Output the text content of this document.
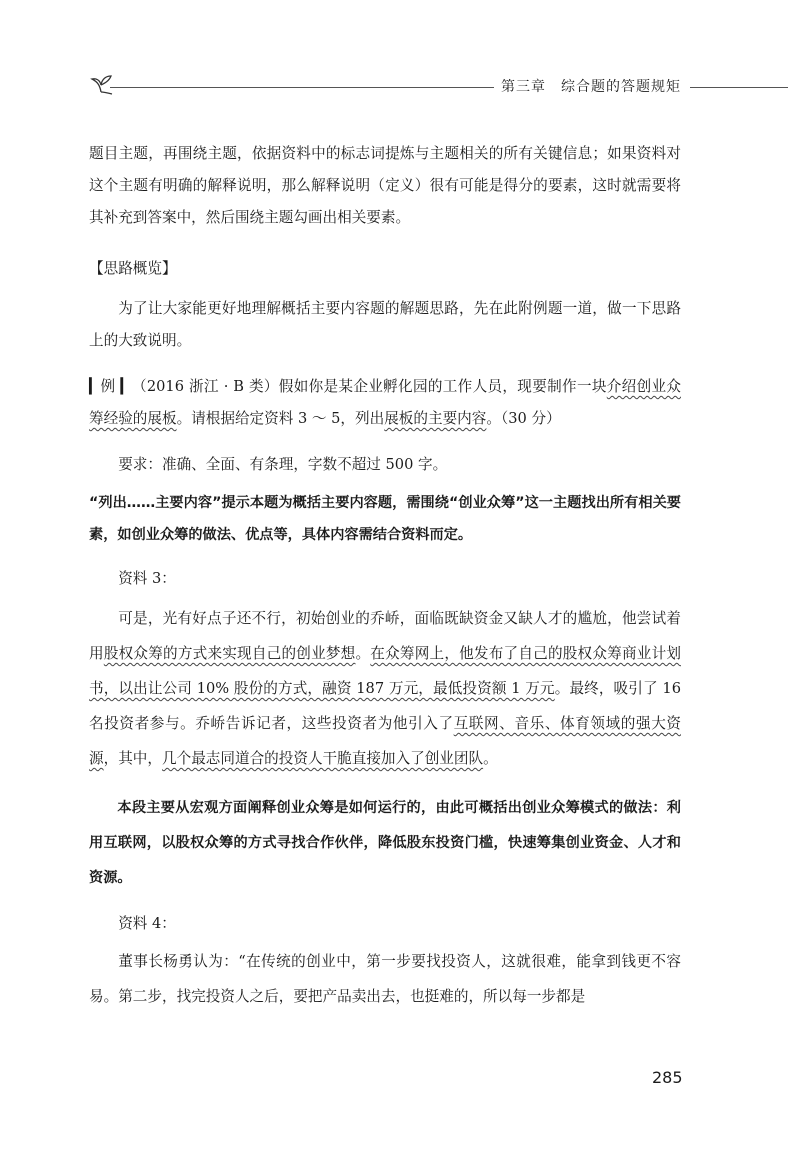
第三章　综合题的答题规矩

题目主题，再围绕主题，依据资料中的标志词提炼与主题相关的所有关键信息；如果资料对这个主题有明确的解释说明，那么解释说明（定义）很有可能是得分的要素，这时就需要将其补充到答案中，然后围绕主题勾画出相关要素。

【思路概览】

为了让大家能更好地理解概括主要内容题的解题思路，先在此附例题一道，做一下思路上的大致说明。

▎例 ▎（2016 浙江 · B 类）假如你是某企业孵化园的工作人员，现要制作一块介绍创业众筹经验的展板。请根据给定资料 3 ～ 5，列出展板的主要内容。（30 分）

要求：准确、全面、有条理，字数不超过 500 字。

“列出……主要内容”提示本题为概括主要内容题，需围绕“创业众筹”这一主题找出所有相关要素，如创业众筹的做法、优点等，具体内容需结合资料而定。

资料 3：

可是，光有好点子还不行，初始创业的乔峤，面临既缺资金又缺人才的尴尬，他尝试着用股权众筹的方式来实现自己的创业梦想。在众筹网上，他发布了自己的股权众筹商业计划书，以出让公司 10% 股份的方式，融资 187 万元，最低投资额 1 万元。最终，吸引了 16 名投资者参与。乔峤告诉记者，这些投资者为他引入了互联网、音乐、体育领域的强大资源，其中，几个最志同道合的投资人干脆直接加入了创业团队。

本段主要从宏观方面阐释创业众筹是如何运行的，由此可概括出创业众筹模式的做法：利用互联网，以股权众筹的方式寻找合作伙伴，降低股东投资门槛，快速筹集创业资金、人才和资源。

资料 4：

董事长杨勇认为：“在传统的创业中，第一步要找投资人，这就很难，能拿到钱更不容易。第二步，找完投资人之后，要把产品卖出去，也挺难的，所以每一步都是

285
